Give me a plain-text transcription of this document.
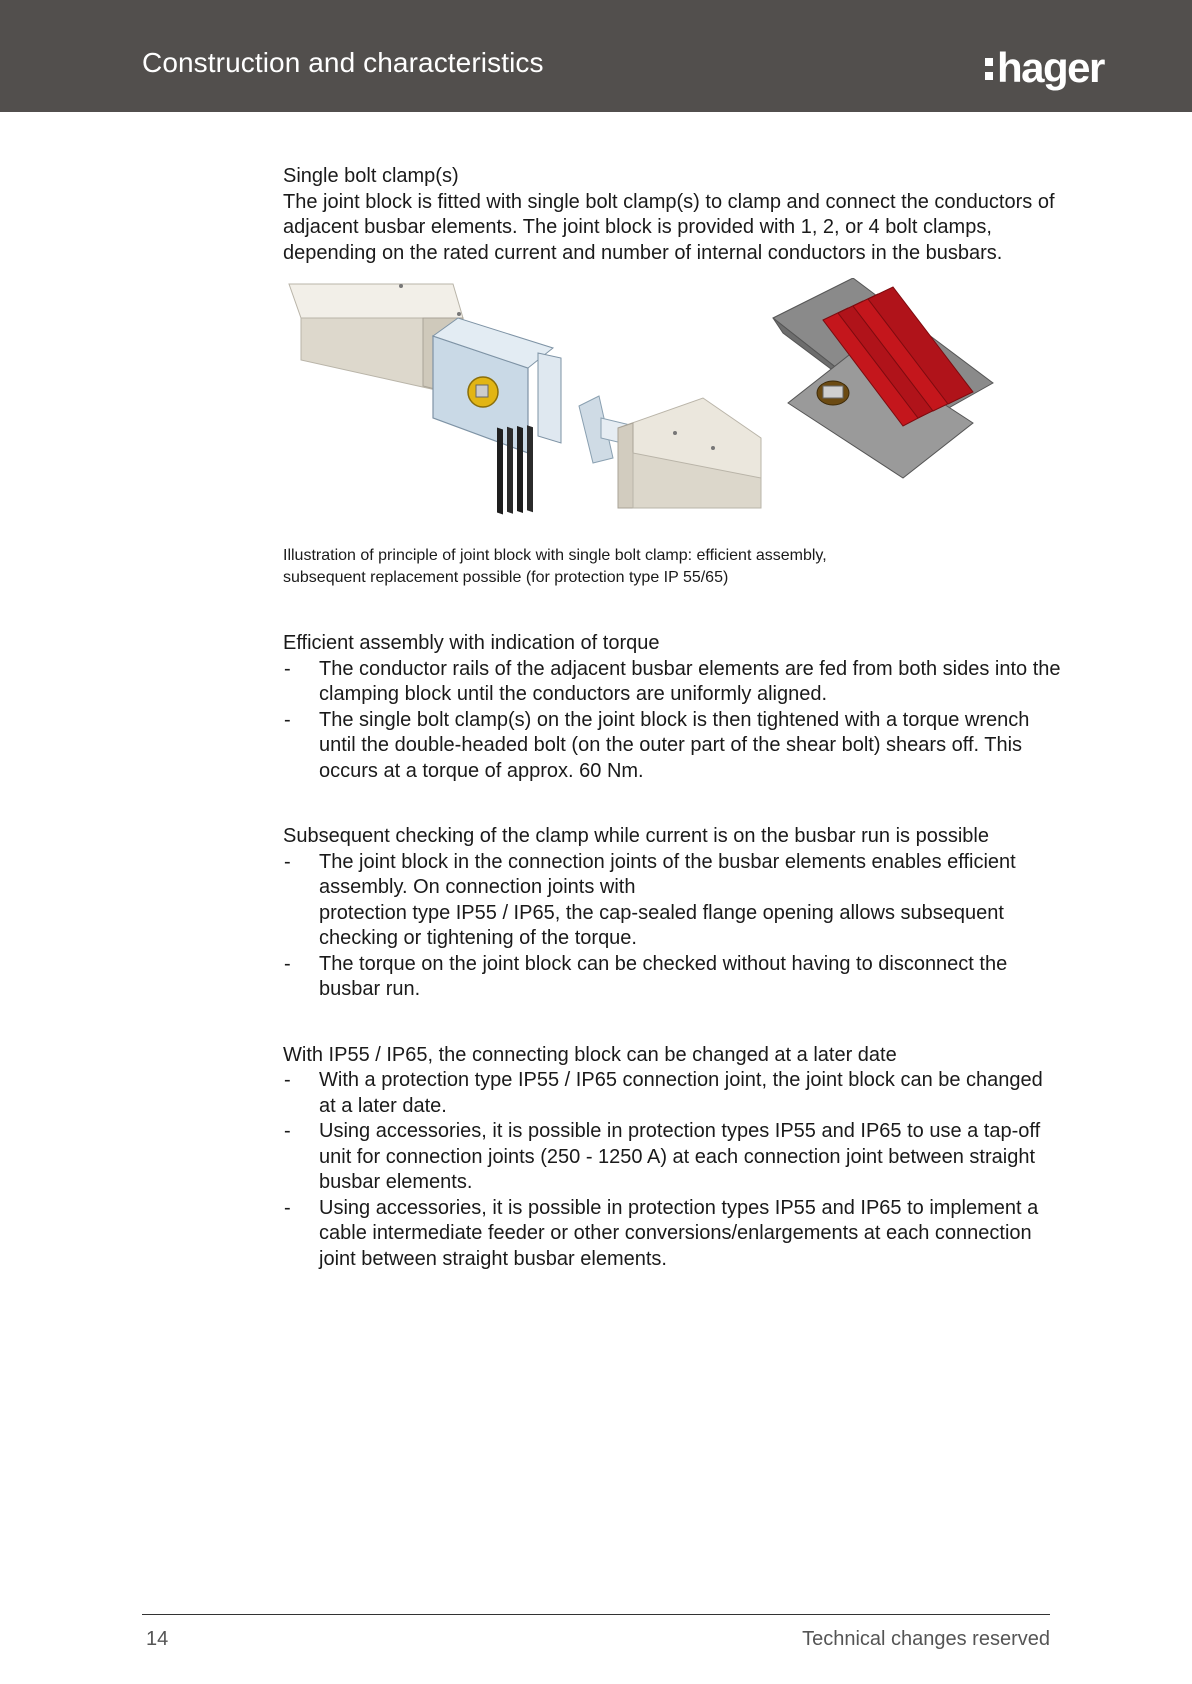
Construction and characteristics	hager

Single bolt clamp(s)

The joint block is fitted with single bolt clamp(s) to clamp and connect the conductors of adjacent busbar elements. The joint block is provided with 1, 2, or 4 bolt clamps, depending on the rated current and number of internal conductors in the busbars.

Illustration of principle of joint block with single bolt clamp: efficient assembly,
subsequent replacement possible (for protection type IP 55/65)

Efficient assembly with indication of torque

- The conductor rails of the adjacent busbar elements are fed from both sides into the clamping block until the conductors are uniformly aligned.
- The single bolt clamp(s) on the joint block is then tightened with a torque wrench until the double-headed bolt (on the outer part of the shear bolt) shears off. This occurs at a torque of approx. 60 Nm.

Subsequent checking of the clamp while current is on the busbar run is possible

- The joint block in the connection joints of the busbar elements enables efficient assembly. On connection joints with
protection type IP55 / IP65, the cap-sealed flange opening allows subsequent checking or tightening of the torque.
- The torque on the joint block can be checked without having to disconnect the busbar run.

With IP55 / IP65, the connecting block can be changed at a later date

- With a protection type IP55 / IP65 connection joint, the joint block can be changed at a later date.
- Using accessories, it is possible in protection types IP55 and IP65 to use a tap-off unit for connection joints (250 - 1250 A) at each connection joint between straight busbar elements.
- Using accessories, it is possible in protection types IP55 and IP65 to implement a cable intermediate feeder or other conversions/enlargements at each connection joint between straight busbar elements.
14	Technical changes reserved
